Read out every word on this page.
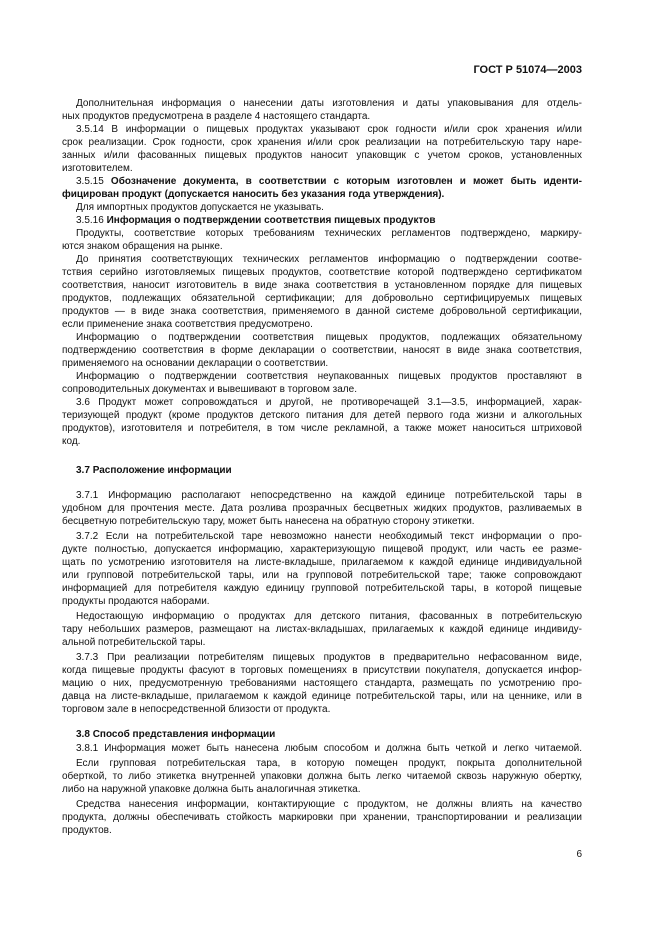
ГОСТ Р 51074—2003
Дополнительная информация о нанесении даты изготовления и даты упаковывания для отдель-
ных продуктов предусмотрена в разделе 4 настоящего стандарта.
3.5.14 В информации о пищевых продуктах указывают срок годности и/или срок хранения и/или
срок реализации. Срок годности, срок хранения и/или срок реализации на потребительскую тару наре-
занных и/или фасованных пищевых продуктов наносит упаковщик с учетом сроков, установленных
изготовителем.
3.5.15 Обозначение документа, в соответствии с которым изготовлен и может быть иденти-
фицирован продукт (допускается наносить без указания года утверждения).
Для импортных продуктов допускается не указывать.
3.5.16 Информация о подтверждении соответствия пищевых продуктов
Продукты, соответствие которых требованиям технических регламентов подтверждено, маркиру-
ются знаком обращения на рынке.
До принятия соответствующих технических регламентов информацию о подтверждении соотве-
тствия серийно изготовляемых пищевых продуктов, соответствие которой подтверждено сертификатом
соответствия, наносит изготовитель в виде знака соответствия в установленном порядке для пищевых
продуктов, подлежащих обязательной сертификации; для добровольно сертифицируемых пищевых
продуктов — в виде знака соответствия, применяемого в данной системе добровольной сертификации,
если применение знака соответствия предусмотрено.
Информацию о подтверждении соответствия пищевых продуктов, подлежащих обязательному
подтверждению соответствия в форме декларации о соответствии, наносят в виде знака соответствия,
применяемого на основании декларации о соответствии.
Информацию о подтверждении соответствия неупакованных пищевых продуктов проставляют в
сопроводительных документах и вывешивают в торговом зале.
3.6 Продукт может сопровождаться и другой, не противоречащей 3.1—3.5, информацией, харак-
теризующей продукт (кроме продуктов детского питания для детей первого года жизни и алкогольных
продуктов), изготовителя и потребителя, в том числе рекламной, а также может наноситься штриховой
код.
3.7 Расположение информации
3.7.1 Информацию располагают непосредственно на каждой единице потребительской тары в
удобном для прочтения месте. Дата розлива прозрачных бесцветных жидких продуктов, разливаемых в
бесцветную потребительскую тару, может быть нанесена на обратную сторону этикетки.
3.7.2 Если на потребительской таре невозможно нанести необходимый текст информации о про-
дукте полностью, допускается информацию, характеризующую пищевой продукт, или часть ее разме-
щать по усмотрению изготовителя на листе-вкладыше, прилагаемом к каждой единице индивидуальной
или групповой потребительской тары, или на групповой потребительской таре; также сопровождают
информацией для потребителя каждую единицу групповой потребительской тары, в которой пищевые
продукты продаются наборами.
Недостающую информацию о продуктах для детского питания, фасованных в потребительскую
тару небольших размеров, размещают на листах-вкладышах, прилагаемых к каждой единице индивиду-
альной потребительской тары.
3.7.3 При реализации потребителям пищевых продуктов в предварительно нефасованном виде,
когда пищевые продукты фасуют в торговых помещениях в присутствии покупателя, допускается инфор-
мацию о них, предусмотренную требованиями настоящего стандарта, размещать по усмотрению про-
давца на листе-вкладыше, прилагаемом к каждой единице потребительской тары, или на ценнике, или в
торговом зале в непосредственной близости от продукта.
3.8 Способ представления информации
3.8.1 Информация может быть нанесена любым способом и должна быть четкой и легко читаемой.
Если групповая потребительская тара, в которую помещен продукт, покрыта дополнительной
оберткой, то либо этикетка внутренней упаковки должна быть легко читаемой сквозь наружную обертку,
либо на наружной упаковке должна быть аналогичная этикетка.
Средства нанесения информации, контактирующие с продуктом, не должны влиять на качество
продукта, должны обеспечивать стойкость маркировки при хранении, транспортировании и реализации
продуктов.
6
